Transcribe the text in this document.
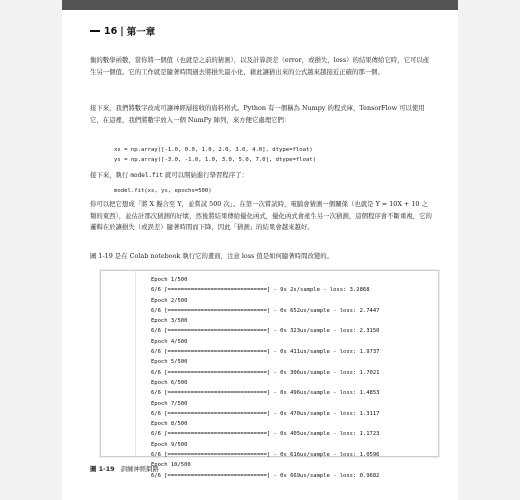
16 | 第一章
衡的數學函數，當你將一個值（也就是之前的猜測），以及計算誤差（error，或損失，loss）的結果傳給它時，它可以產生另一個值。它的工作就是隨著時間過去將損失最小化，藉此讓猜出來的公式越來越接近正確的那一個。
接下來，我們將數字改成可讓神經層接收的資料格式。Python 有一個稱為 Numpy 的程式庫，TensorFlow 可以使用它，在這裡，我們將數字放入一個 NumPy 陣列，來方便它處理它們：
xs = np.array([-1.0, 0.0, 1.0, 2.0, 3.0, 4.0], dtype=float)
ys = np.array([-3.0, -1.0, 1.0, 3.0, 5.0, 7.0], dtype=float)
接下來，執行 model.fit 就可以開始進行學習程序了：
model.fit(xs, ys, epochs=500)
你可以把它想成「將 X 擬合至 Y，並嘗試 500 次」。在第一次嘗試時，電腦會猜測一個關係（也就是 Y = 10X + 10 之類的東西），並估計那次猜測的好壞，然後將結果傳給優化函式，優化函式會產生另一次猜測，這個程序會不斷重複，它的邏輯在於讓損失（或誤差）隨著時間而下降，因此「猜測」的結果會越來越好。
圖 1-19 是在 Colab notebook 執行它的畫面，注意 loss 值是如何隨著時間改變的。
Epoch 1/500
6/6 [==============================] - 9s 2s/sample - loss: 3.2868
Epoch 2/500
6/6 [==============================] - 0s 652us/sample - loss: 2.7447
Epoch 3/500
6/6 [==============================] - 0s 323us/sample - loss: 2.3150
Epoch 4/500
6/6 [==============================] - 0s 411us/sample - loss: 1.9737
Epoch 5/500
6/6 [==============================] - 0s 306us/sample - loss: 1.7021
Epoch 6/500
6/6 [==============================] - 0s 496us/sample - loss: 1.4853
Epoch 7/500
6/6 [==============================] - 0s 470us/sample - loss: 1.3117
Epoch 8/500
6/6 [==============================] - 0s 405us/sample - loss: 1.1723
Epoch 9/500
6/6 [==============================] - 0s 616us/sample - loss: 1.0596
Epoch 10/500
6/6 [==============================] - 0s 669us/sample - loss: 0.9682
圖 1-19 訓練神經網路
